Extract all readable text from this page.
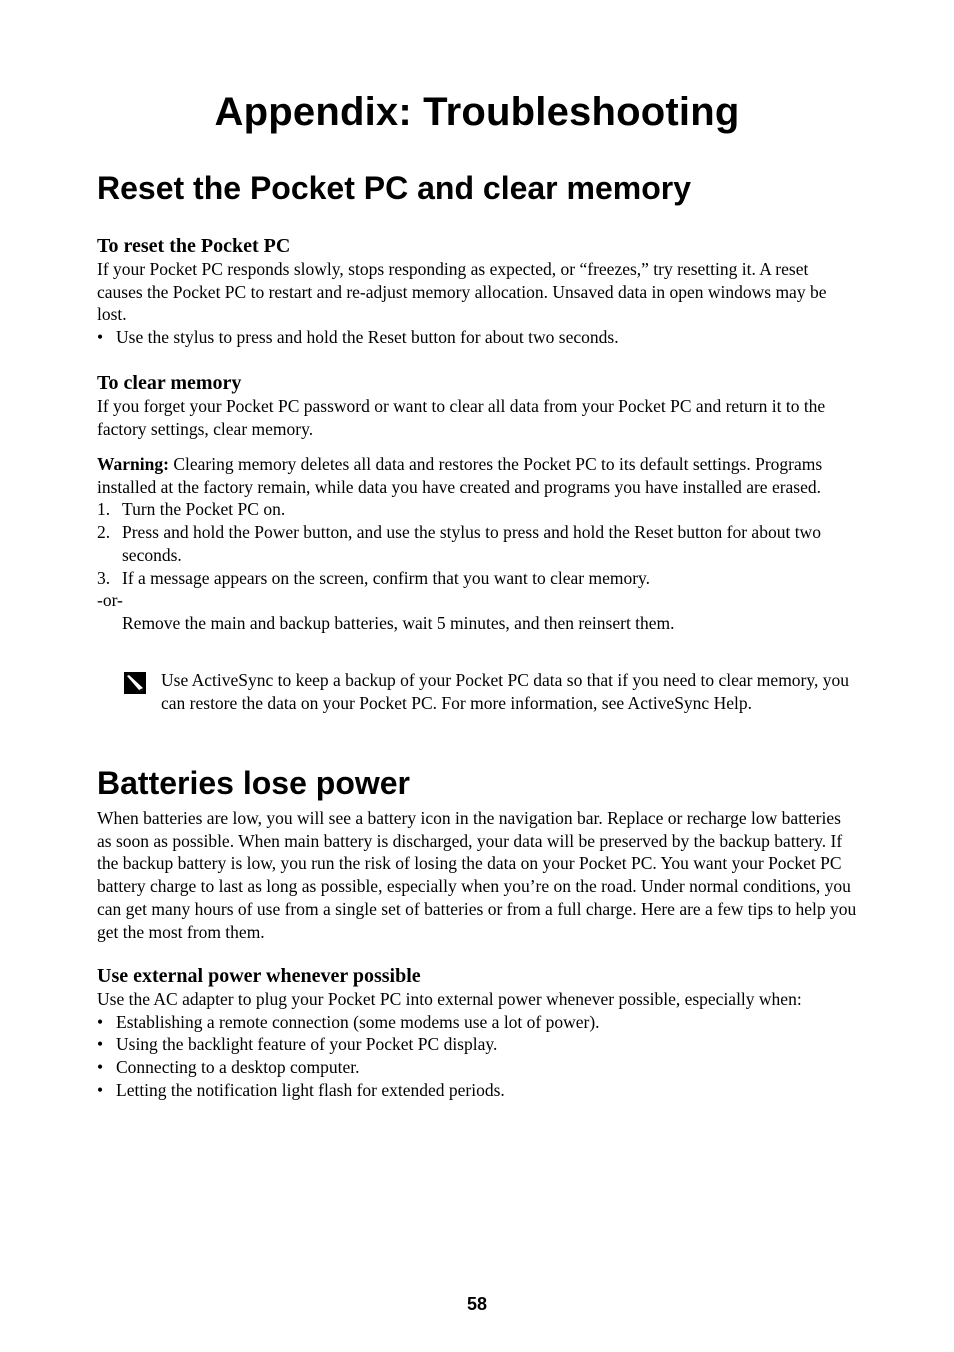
Appendix: Troubleshooting
Reset the Pocket PC and clear memory
To reset the Pocket PC

If your Pocket PC responds slowly, stops responding as expected, or “freezes,” try resetting it. A reset causes the Pocket PC to restart and re-adjust memory allocation. Unsaved data in open windows may be lost.

• Use the stylus to press and hold the Reset button for about two seconds.
To clear memory

If you forget your Pocket PC password or want to clear all data from your Pocket PC and return it to the factory settings, clear memory.

Warning: Clearing memory deletes all data and restores the Pocket PC to its default settings. Programs installed at the factory remain, while data you have created and programs you have installed are erased.

1. Turn the Pocket PC on.
2. Press and hold the Power button, and use the stylus to press and hold the Reset button for about two seconds.
3. If a message appears on the screen, confirm that you want to clear memory.

-or-

Remove the main and backup batteries, wait 5 minutes, and then reinsert them.

Use ActiveSync to keep a backup of your Pocket PC data so that if you need to clear memory, you can restore the data on your Pocket PC. For more information, see ActiveSync Help.

Batteries lose power

When batteries are low, you will see a battery icon in the navigation bar. Replace or recharge low batteries as soon as possible. When main battery is discharged, your data will be preserved by the backup battery. If the backup battery is low, you run the risk of losing the data on your Pocket PC. You want your Pocket PC battery charge to last as long as possible, especially when you’re on the road. Under normal conditions, you can get many hours of use from a single set of batteries or from a full charge. Here are a few tips to help you get the most from them.

Use external power whenever possible

Use the AC adapter to plug your Pocket PC into external power whenever possible, especially when:

• Establishing a remote connection (some modems use a lot of power).
• Using the backlight feature of your Pocket PC display.
• Connecting to a desktop computer.
• Letting the notification light flash for extended periods.
58
